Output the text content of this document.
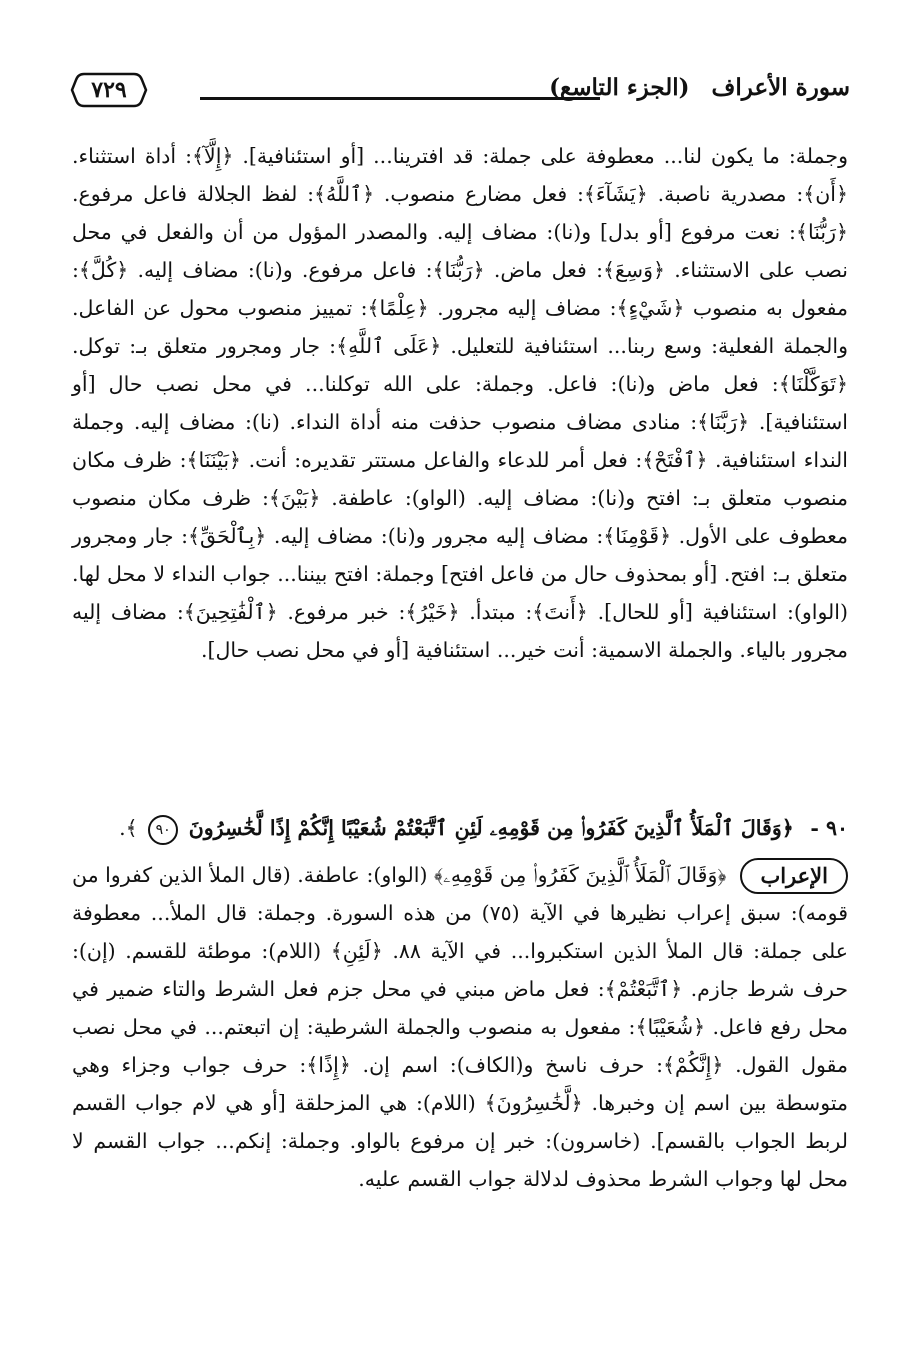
٧٢٩	سورة الأعراف (الجزء التاسع)

وجملة: ما يكون لنا... معطوفة على جملة: قد افترينا... [أو استئنافية]. ﴿إِلَّآ﴾: أداة استثناء. ﴿أَن﴾: مصدرية ناصبة. ﴿يَشَآءَ﴾: فعل مضارع منصوب. ﴿ٱللَّهُ﴾: لفظ الجلالة فاعل مرفوع. ﴿رَبُّنَا﴾: نعت مرفوع [أو بدل] و(نا): مضاف إليه. والمصدر المؤول من أن والفعل في محل نصب على الاستثناء. ﴿وَسِعَ﴾: فعل ماض. ﴿رَبُّنَا﴾: فاعل مرفوع. و(نا): مضاف إليه. ﴿كُلَّ﴾: مفعول به منصوب ﴿شَيْءٍ﴾: مضاف إليه مجرور. ﴿عِلْمًا﴾: تمييز منصوب محول عن الفاعل. والجملة الفعلية: وسع ربنا... استئنافية للتعليل. ﴿عَلَى ٱللَّهِ﴾: جار ومجرور متعلق بـ: توكل. ﴿تَوَكَّلْنَا﴾: فعل ماض و(نا): فاعل. وجملة: على الله توكلنا... في محل نصب حال [أو استئنافية]. ﴿رَبَّنَا﴾: منادى مضاف منصوب حذفت منه أداة النداء. (نا): مضاف إليه. وجملة النداء استئنافية. ﴿ٱفْتَحْ﴾: فعل أمر للدعاء والفاعل مستتر تقديره: أنت. ﴿بَيْنَنَا﴾: ظرف مكان منصوب متعلق بـ: افتح و(نا): مضاف إليه. (الواو): عاطفة. ﴿بَيْنَ﴾: ظرف مكان منصوب معطوف على الأول. ﴿قَوْمِنَا﴾: مضاف إليه مجرور و(نا): مضاف إليه. ﴿بِٱلْحَقِّ﴾: جار ومجرور متعلق بـ: افتح. [أو بمحذوف حال من فاعل افتح] وجملة: افتح بيننا... جواب النداء لا محل لها. (الواو): استئنافية [أو للحال]. ﴿أَنتَ﴾: مبتدأ. ﴿خَيْرُ﴾: خبر مرفوع. ﴿ٱلْفَٰتِحِينَ﴾: مضاف إليه مجرور بالياء. والجملة الاسمية: أنت خير... استئنافية [أو في محل نصب حال].

٩٠ - ﴿وَقَالَ ٱلْمَلَأُ ٱلَّذِينَ كَفَرُوا۟ مِن قَوْمِهِۦ لَئِنِ ٱتَّبَعْتُمْ شُعَيْبًا إِنَّكُمْ إِذًا لَّخَٰسِرُونَ ٩٠ ﴾.
الإعراب

﴿وَقَالَ ٱلْمَلَأُ ٱلَّذِينَ كَفَرُوا۟ مِن قَوْمِهِۦ﴾ (الواو): عاطفة. (قال الملأ الذين كفروا من قومه): سبق إعراب نظيرها في الآية (٧٥) من هذه السورة. وجملة: قال الملأ... معطوفة على جملة: قال الملأ الذين استكبروا... في الآية ٨٨. ﴿لَئِنِ﴾ (اللام): موطئة للقسم. (إن): حرف شرط جازم. ﴿ٱتَّبَعْتُمْ﴾: فعل ماض مبني في محل جزم فعل الشرط والتاء ضمير في محل رفع فاعل. ﴿شُعَيْبًا﴾: مفعول به منصوب والجملة الشرطية: إن اتبعتم... في محل نصب مقول القول. ﴿إِنَّكُمْ﴾: حرف ناسخ و(الكاف): اسم إن. ﴿إِذًا﴾: حرف جواب وجزاء وهي متوسطة بين اسم إن وخبرها. ﴿لَّخَٰسِرُونَ﴾ (اللام): هي المزحلقة [أو هي لام جواب القسم لربط الجواب بالقسم]. (خاسرون): خبر إن مرفوع بالواو. وجملة: إنكم... جواب القسم لا محل لها وجواب الشرط محذوف لدلالة جواب القسم عليه.
